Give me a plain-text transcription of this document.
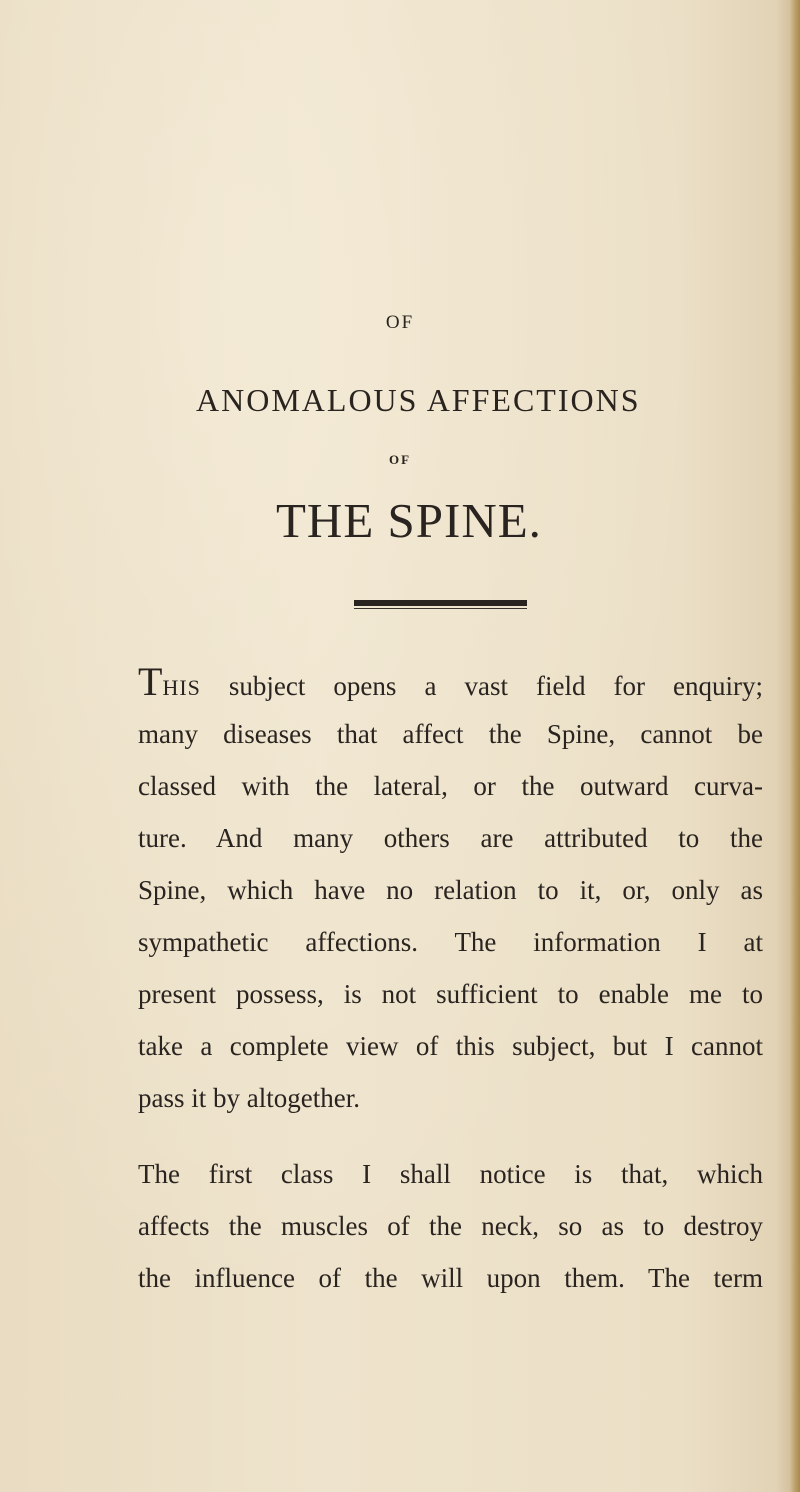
OF
ANOMALOUS AFFECTIONS
OF
THE SPINE.
THIS subject opens a vast field for enquiry;
many diseases that affect the Spine, cannot be
classed with the lateral, or the outward curva-
ture. And many others are attributed to the
Spine, which have no relation to it, or, only as
sympathetic affections. The information I at
present possess, is not sufficient to enable me to
take a complete view of this subject, but I cannot
pass it by altogether.
The first class I shall notice is that, which
affects the muscles of the neck, so as to destroy
the influence of the will upon them. The term
